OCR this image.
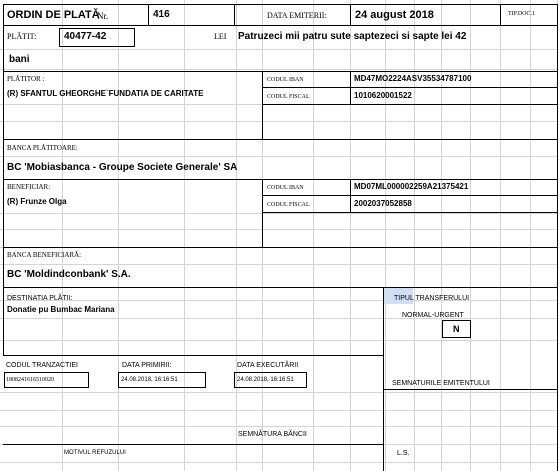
ORDIN DE PLATĂ
Nr.	416	DATA EMITERII:	24 august 2018	TIP.DOC.1
PLĂTIT:	40477-42	LEI Patruzeci mii patru sute saptezeci si sapte lei 42
bani
PLĂTITOR :
(R) SFANTUL GHEORGHE`FUNDATIA DE CARITATE
CODUL IBAN	MD47MO2224ASV35534787100
CODUL FISCAL	1010620001522
BANCA PLĂTITOARE:
BC 'Mobiasbanca - Groupe Societe Generale' SA
BENEFICIAR:
(R) Frunze Olga
CODUL IBAN	MD07ML000002259A21375421
CODUL FISCAL	2002037052858
BANCA BENEFICIARĂ:
BC 'Moldindconbank' S.A.
DESTINATIA PLĂTII:
Donatie pu Bumbac Mariana
TIPUL TRANSFERULUI
NORMAL-URGENT
N
CODUL TRANZACTIEI
1808241616510020
DATA PRIMIRII:
24.08.2018, 16:16:51
DATA EXECUTĂRII
24.08.2018, 16:16:51	SEMNATURILE EMITENTULUI
SEMNĂTURA BĂNCII
MOTIVUL REFUZULUI	L.S.
